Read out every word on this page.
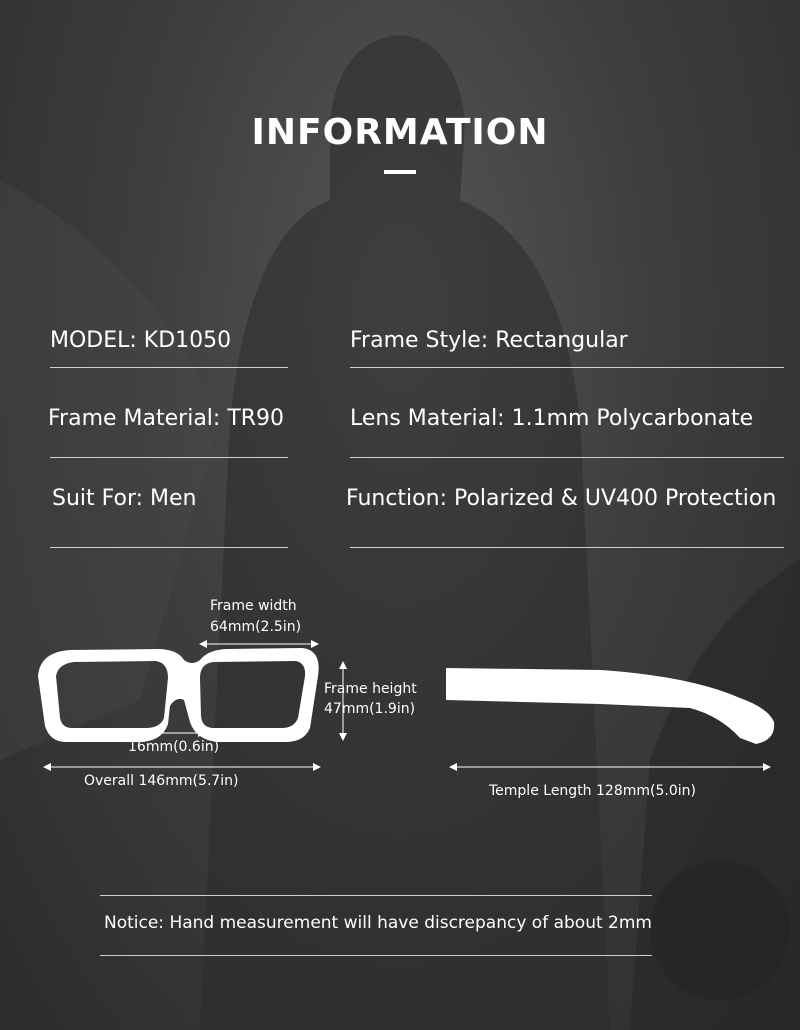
INFORMATION
MODEL: KD1050	Frame Style: Rectangular
Frame Material: TR90	Lens Material: 1.1mm Polycarbonate
Suit For: Men	Function: Polarized & UV400 Protection
Frame width
64mm(2.5in)
Frame height
47mm(1.9in)
16mm(0.6in)
Overall 146mm(5.7in)
Temple Length 128mm(5.0in)
Notice: Hand measurement will have discrepancy of about 2mm
